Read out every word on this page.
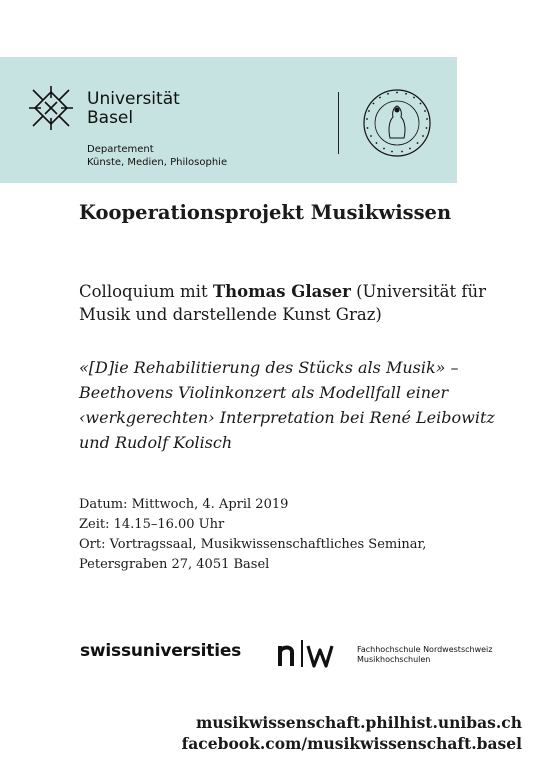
Universität
Basel
Departement
Künste, Medien, Philosophie
Kooperationsprojekt Musikwissen
Colloquium mit Thomas Glaser (Universität für Musik und darstellende Kunst Graz)
«[D]ie Rehabilitierung des Stücks als Musik» – Beethovens Violinkonzert als Modellfall einer ‹werkgerechten› Interpretation bei René Leibowitz und Rudolf Kolisch
Datum: Mittwoch, 4. April 2019
Zeit: 14.15–16.00 Uhr
Ort: Vortragssaal, Musikwissenschaftliches Seminar,
Petersgraben 27, 4051 Basel
swissuniversities	Fachhochschule Nordwestschweiz
Musikhochschulen
musikwissenschaft.philhist.unibas.ch
facebook.com/musikwissenschaft.basel
